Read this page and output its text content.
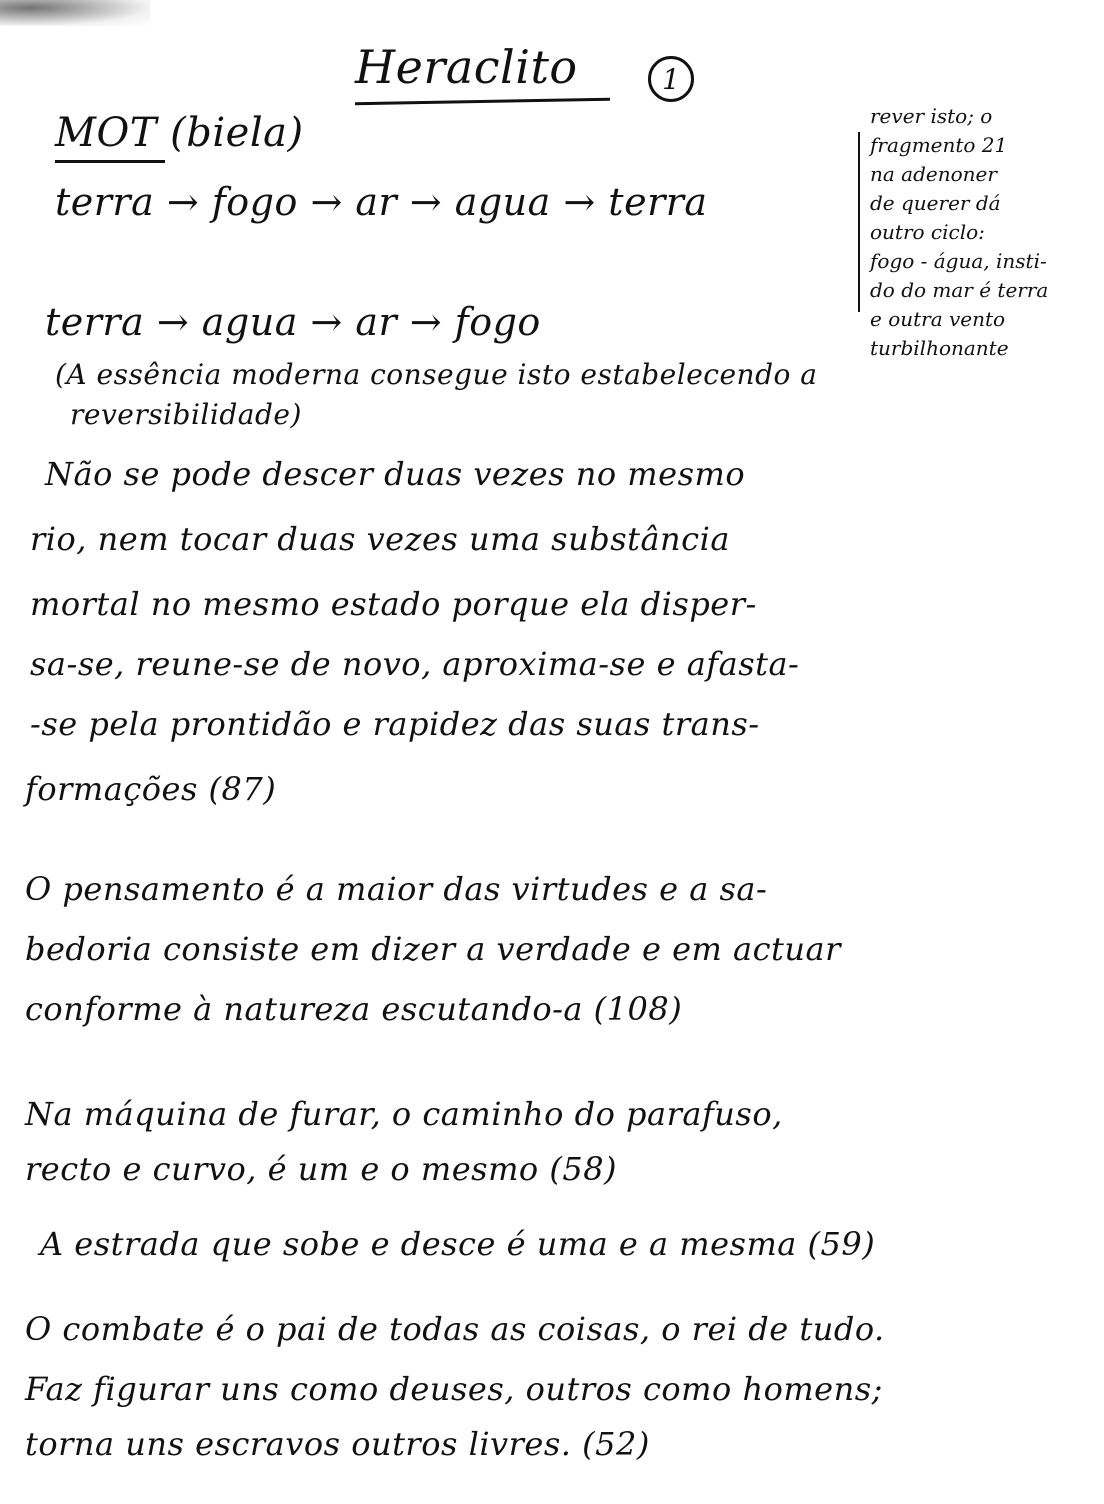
Heraclito	1
MOT (biela)
terra → fogo → ar → agua → terra
terra → agua → ar → fogo
(A essência moderna consegue isto estabelecendo a
reversibilidade)
rever isto; o
fragmento 21
na adenoner
de querer dá
outro ciclo:
fogo - água, insti-
do do mar é terra
e outra vento
turbilhonante
Não se pode descer duas vezes no mesmo
rio, nem tocar duas vezes uma substância
mortal no mesmo estado porque ela disper-
sa-se, reune-se de novo, aproxima-se e afasta-
-se pela prontidão e rapidez das suas trans-
formações (87)
O pensamento é a maior das virtudes e a sa-
bedoria consiste em dizer a verdade e em actuar
conforme à natureza escutando-a (108)
Na máquina de furar, o caminho do parafuso,
recto e curvo, é um e o mesmo (58)
A estrada que sobe e desce é uma e a mesma (59)
O combate é o pai de todas as coisas, o rei de tudo.
Faz figurar uns como deuses, outros como homens;
torna uns escravos outros livres. (52)
